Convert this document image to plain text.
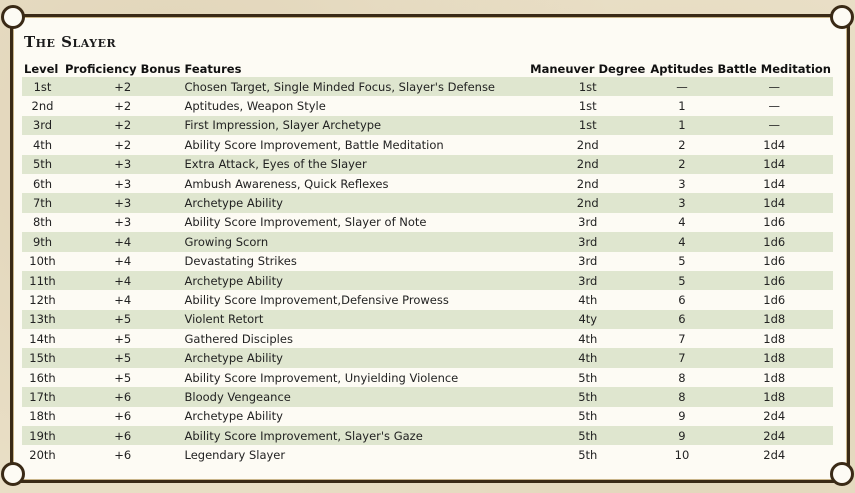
The Slayer
Level	Proficiency Bonus	Features	Maneuver Degree	Aptitudes	Battle Meditation
1st	+2	Chosen Target, Single Minded Focus, Slayer's Defense	1st	—	—
2nd	+2	Aptitudes, Weapon Style	1st	1	—
3rd	+2	First Impression, Slayer Archetype	1st	1	—
4th	+2	Ability Score Improvement, Battle Meditation	2nd	2	1d4
5th	+3	Extra Attack, Eyes of the Slayer	2nd	2	1d4
6th	+3	Ambush Awareness, Quick Reflexes	2nd	3	1d4
7th	+3	Archetype Ability	2nd	3	1d4
8th	+3	Ability Score Improvement, Slayer of Note	3rd	4	1d6
9th	+4	Growing Scorn	3rd	4	1d6
10th	+4	Devastating Strikes	3rd	5	1d6
11th	+4	Archetype Ability	3rd	5	1d6
12th	+4	Ability Score Improvement,Defensive Prowess	4th	6	1d6
13th	+5	Violent Retort	4ty	6	1d8
14th	+5	Gathered Disciples	4th	7	1d8
15th	+5	Archetype Ability	4th	7	1d8
16th	+5	Ability Score Improvement, Unyielding Violence	5th	8	1d8
17th	+6	Bloody Vengeance	5th	8	1d8
18th	+6	Archetype Ability	5th	9	2d4
19th	+6	Ability Score Improvement, Slayer's Gaze	5th	9	2d4
20th	+6	Legendary Slayer	5th	10	2d4
